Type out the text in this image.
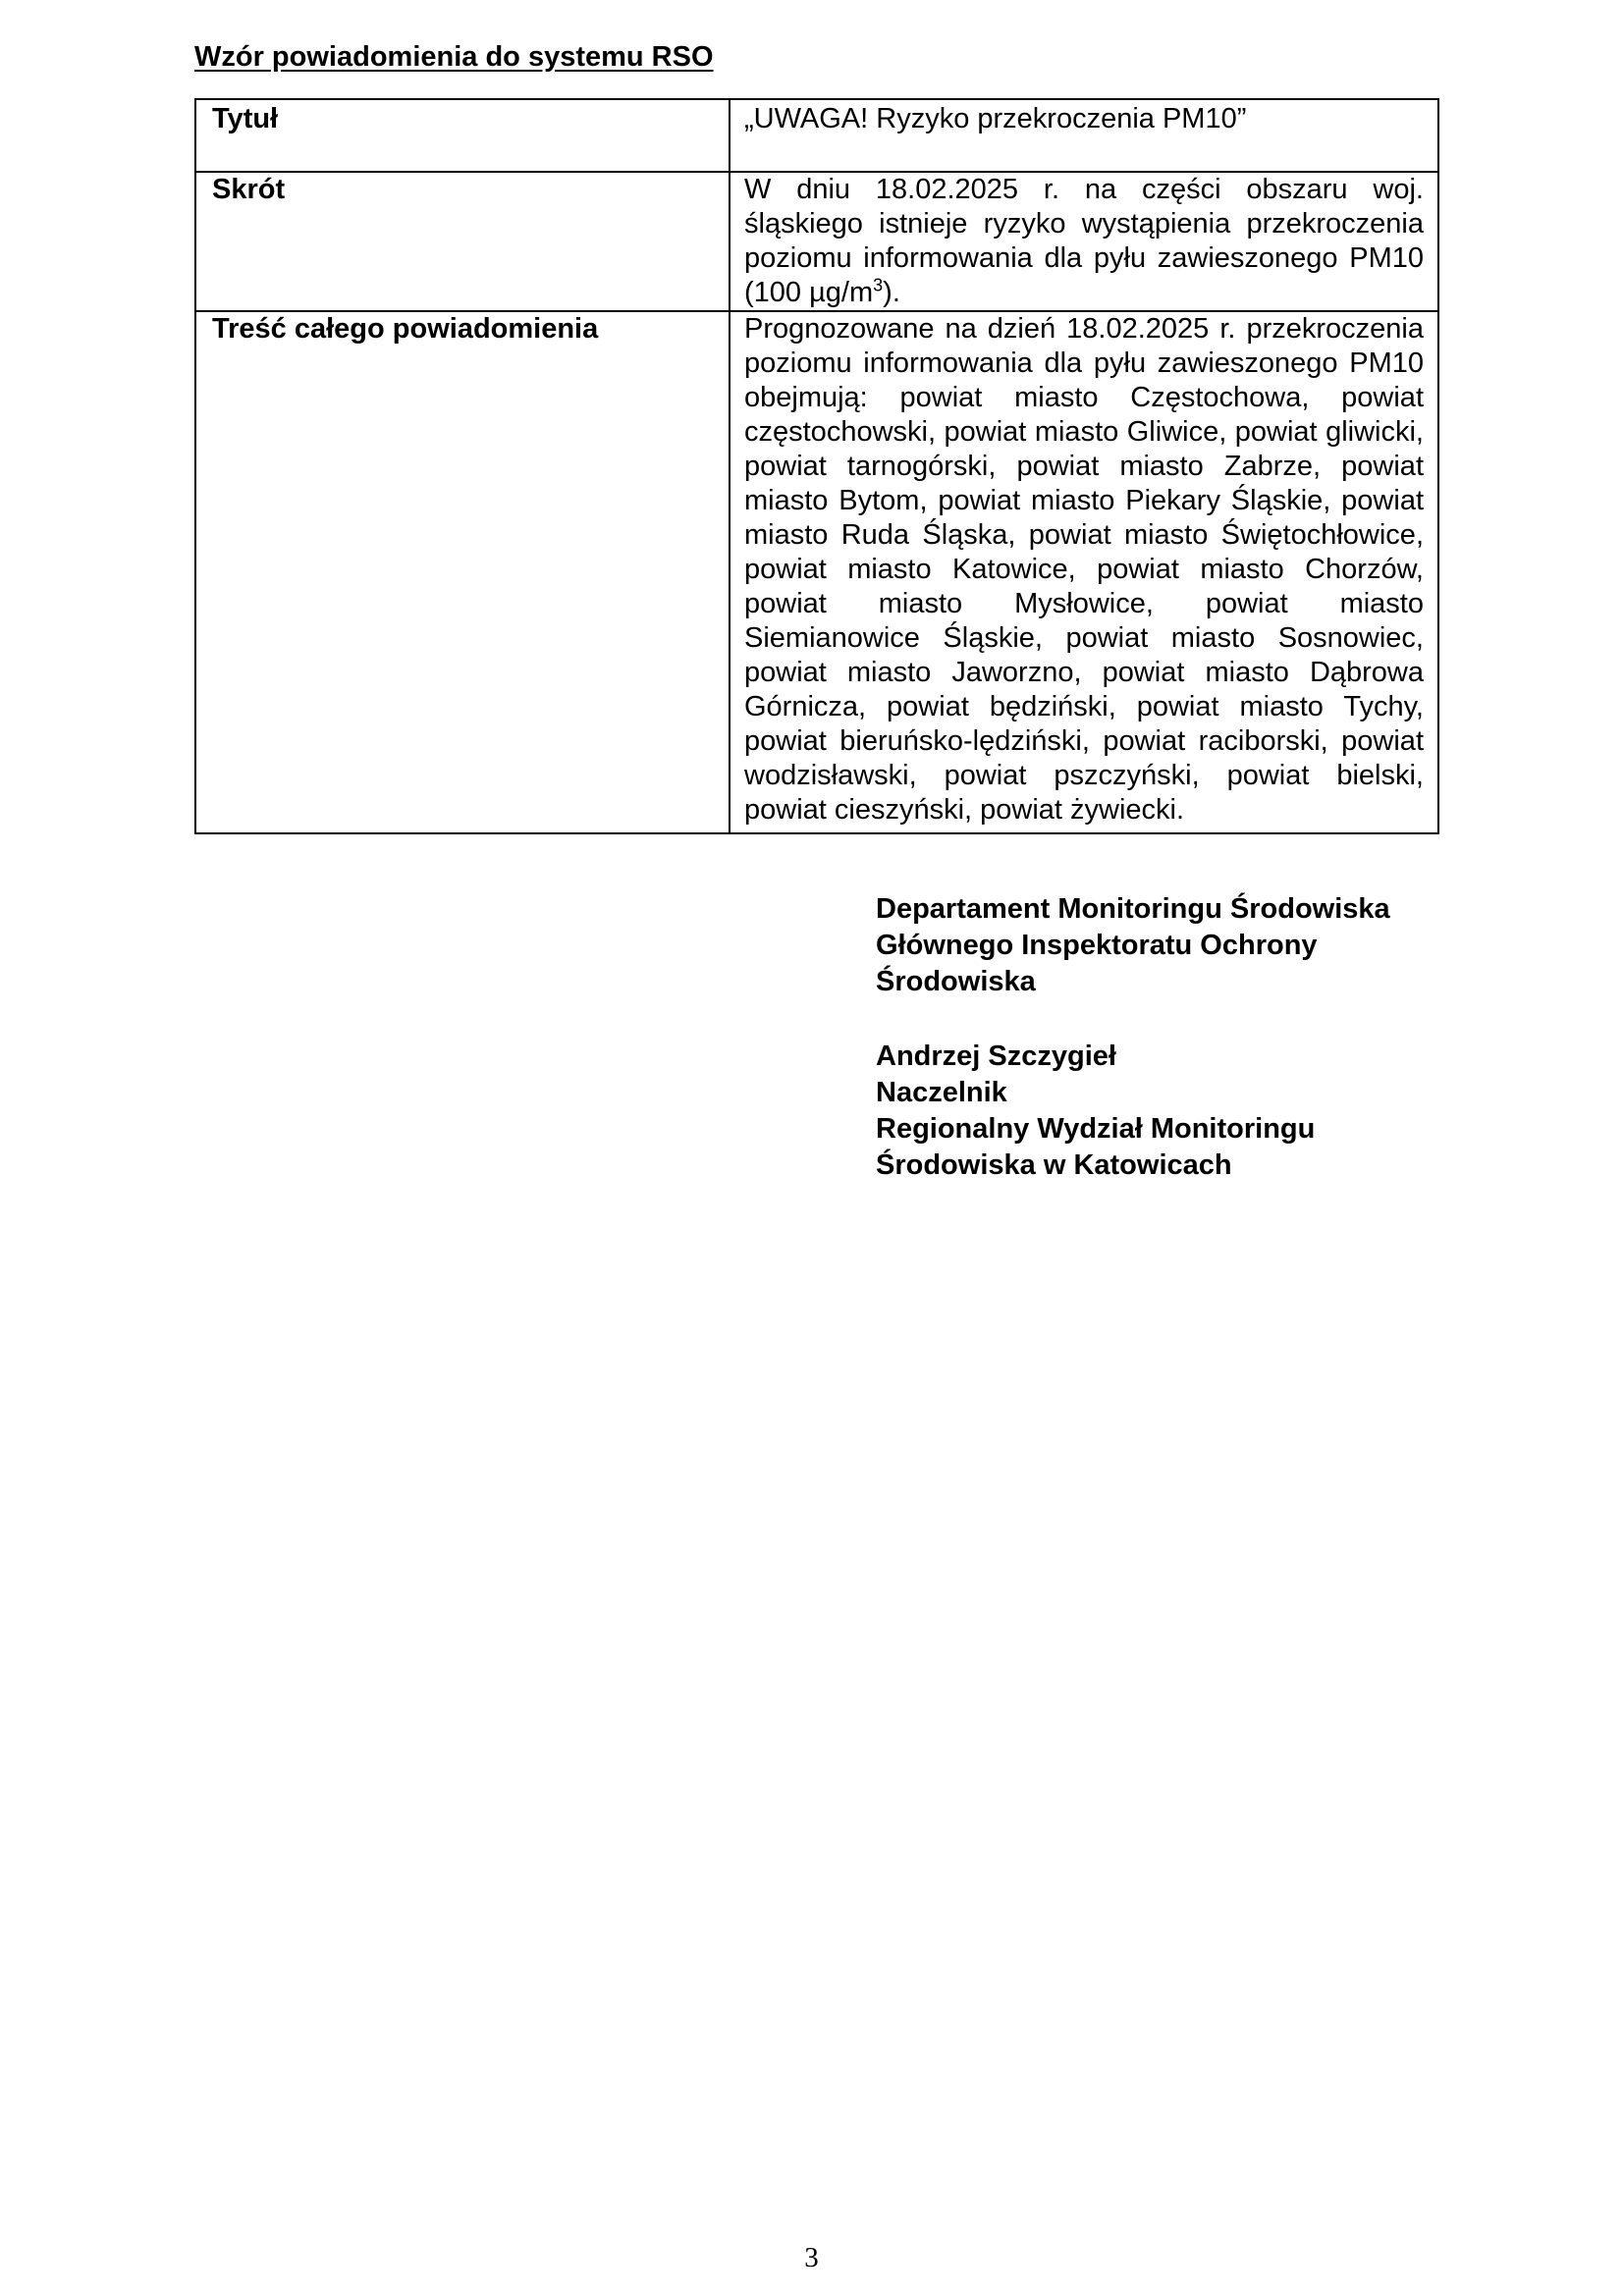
Wzór powiadomienia do systemu RSO
Tytuł	„UWAGA! Ryzyko przekroczenia PM10”

Skrót	W dniu 18.02.2025 r. na części obszaru woj. śląskiego istnieje ryzyko wystąpienia przekroczenia poziomu informowania dla pyłu zawieszonego PM10 (100 $\mu g/m^3$).

Treść całego powiadomienia	Prognozowane na dzień 18.02.2025 r. przekroczenia poziomu informowania dla pyłu zawieszonego PM10 obejmują: powiat miasto Częstochowa, powiat częstochowski, powiat miasto Gliwice, powiat gliwicki, powiat tarnogórski, powiat miasto Zabrze, powiat miasto Bytom, powiat miasto Piekary Śląskie, powiat miasto Ruda Śląska, powiat miasto Świętochłowice, powiat miasto Katowice, powiat miasto Chorzów, powiat miasto Mysłowice, powiat miasto Siemianowice Śląskie, powiat miasto Sosnowiec, powiat miasto Jaworzno, powiat miasto Dąbrowa Górnicza, powiat będziński, powiat miasto Tychy, powiat bieruńsko-lędziński, powiat raciborski, powiat wodzisławski, powiat pszczyński, powiat bielski, powiat cieszyński, powiat żywiecki.
Departament Monitoringu Środowiska
Głównego Inspektoratu Ochrony
Środowiska
Andrzej Szczygieł
Naczelnik
Regionalny Wydział Monitoringu
Środowiska w Katowicach
3
